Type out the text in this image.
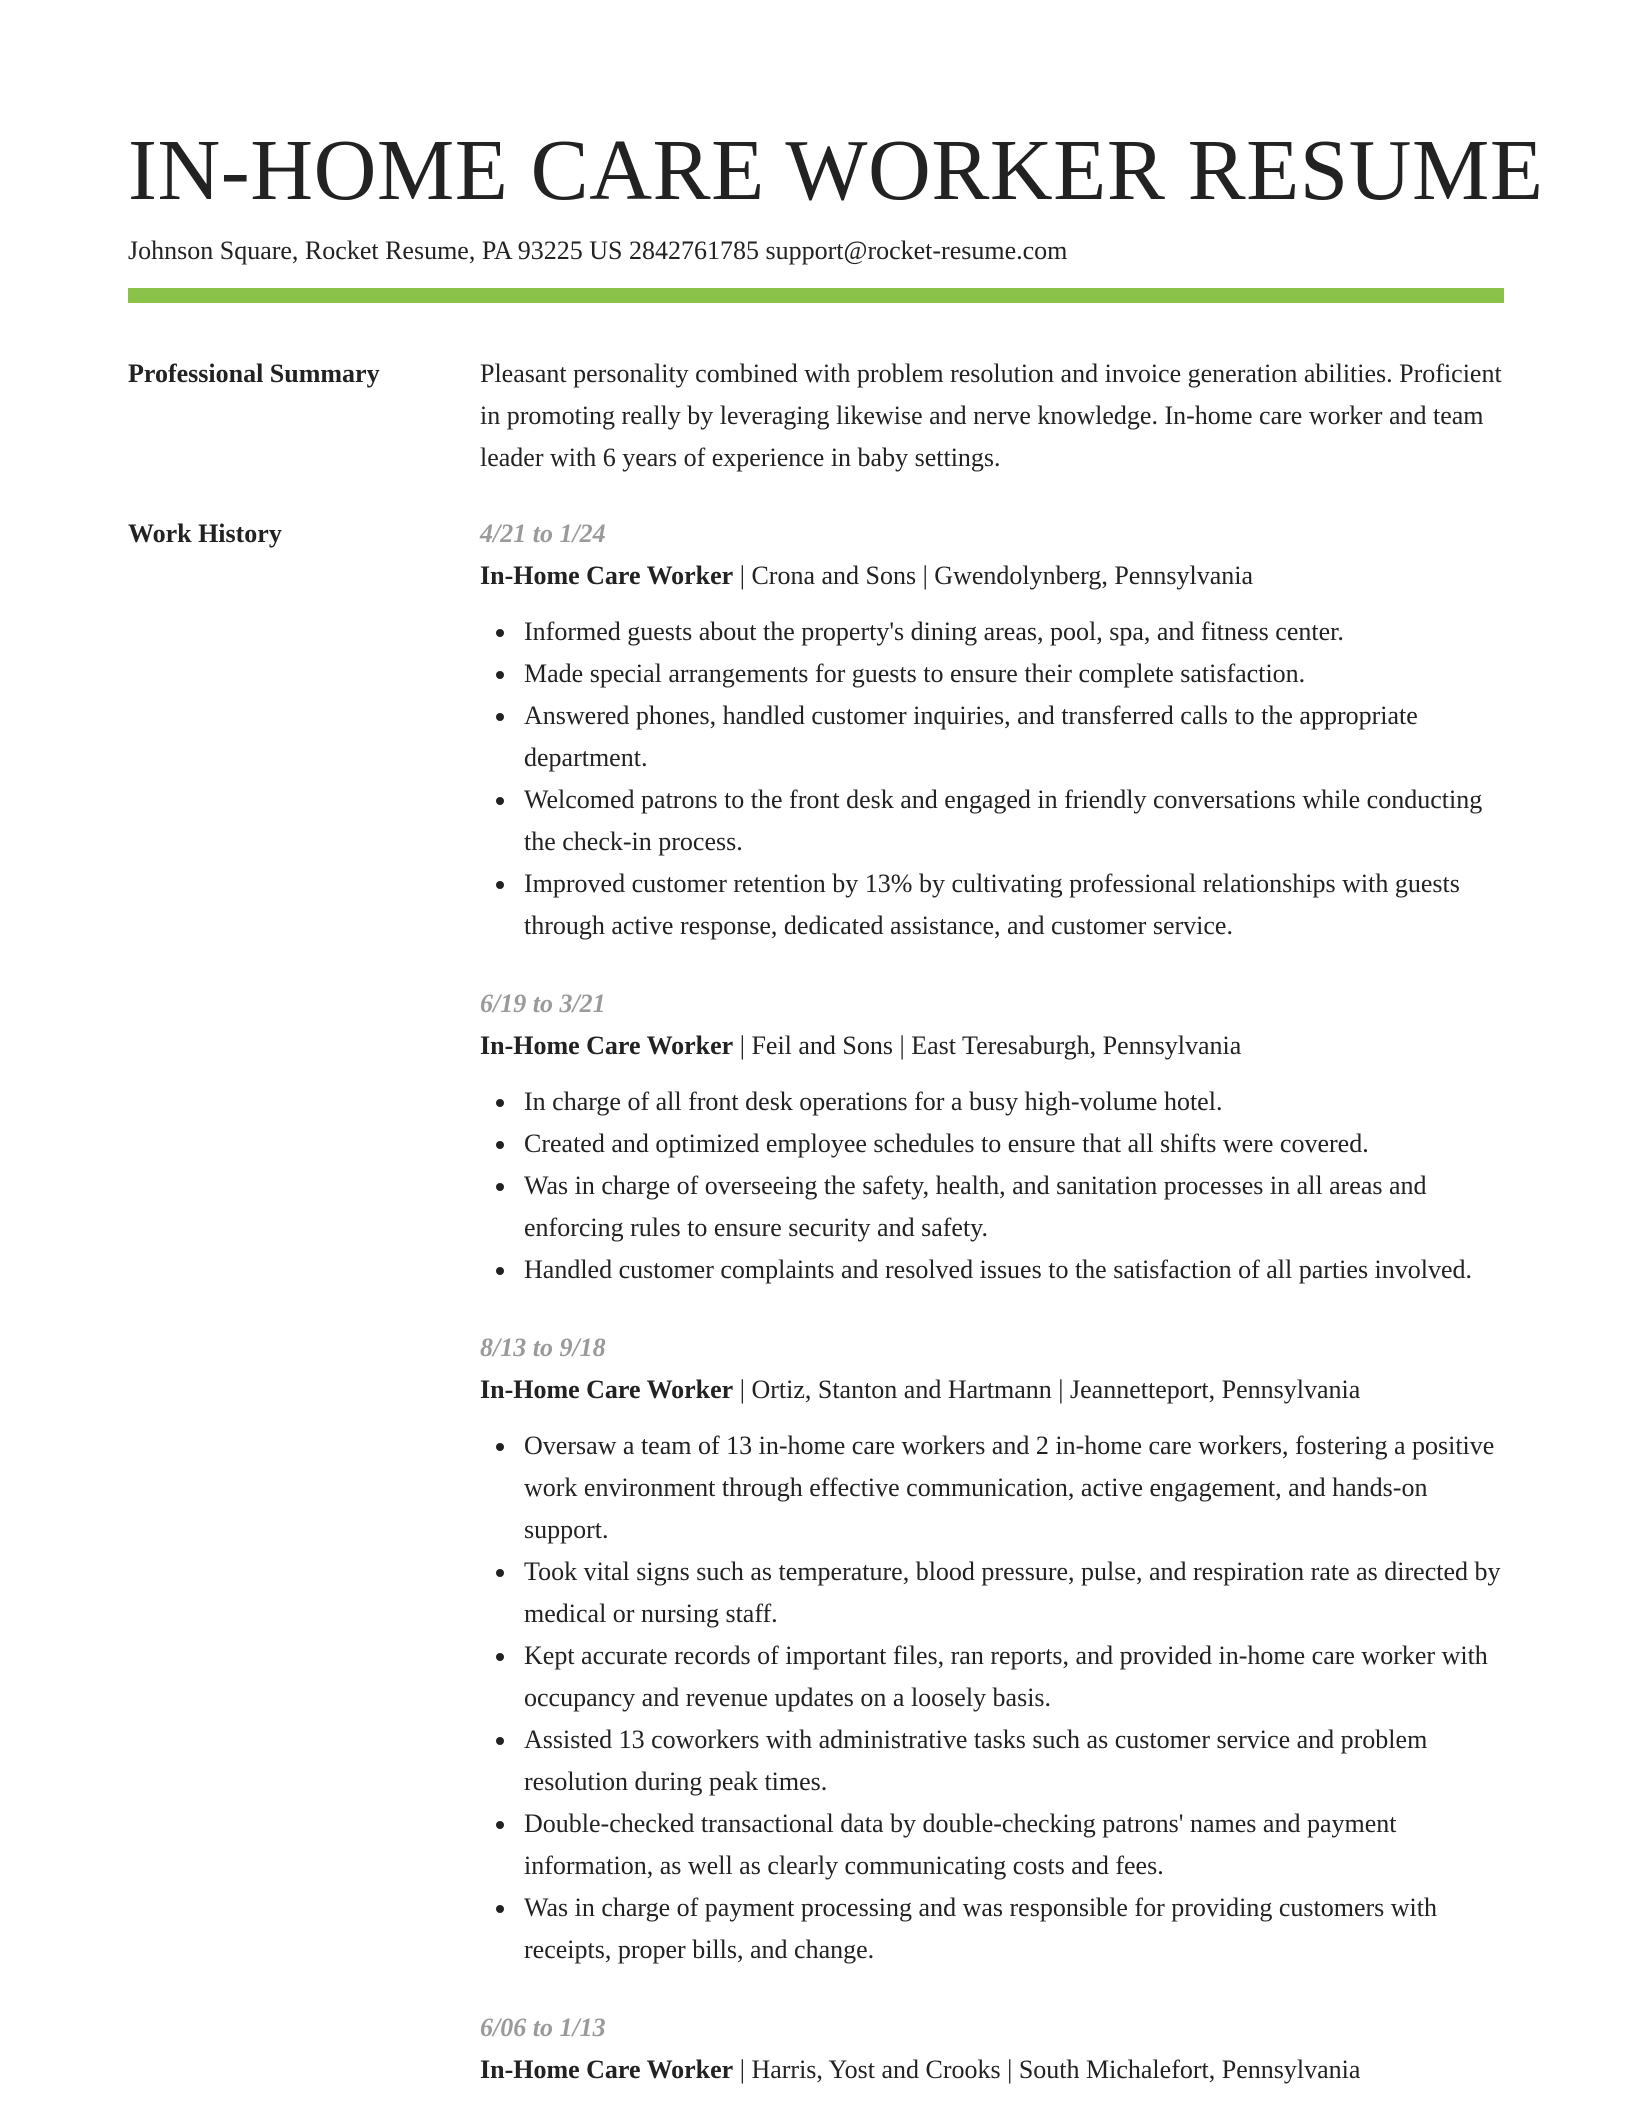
IN-HOME CARE WORKER RESUME
Johnson Square, Rocket Resume, PA 93225 US 2842761785 support@rocket-resume.com
Professional Summary	Pleasant personality combined with problem resolution and invoice generation abilities. Proficient in promoting really by leveraging likewise and nerve knowledge. In-home care worker and team leader with 6 years of experience in baby settings.

Work History	4/21 to 1/24
In-Home Care Worker | Crona and Sons | Gwendolynberg, Pennsylvania
Informed guests about the property's dining areas, pool, spa, and fitness center.
Made special arrangements for guests to ensure their complete satisfaction.
Answered phones, handled customer inquiries, and transferred calls to the appropriate department.
Welcomed patrons to the front desk and engaged in friendly conversations while conducting the check-in process.
Improved customer retention by 13% by cultivating professional relationships with guests through active response, dedicated assistance, and customer service.
6/19 to 3/21
In-Home Care Worker | Feil and Sons | East Teresaburgh, Pennsylvania
In charge of all front desk operations for a busy high-volume hotel.
Created and optimized employee schedules to ensure that all shifts were covered.
Was in charge of overseeing the safety, health, and sanitation processes in all areas and enforcing rules to ensure security and safety.
Handled customer complaints and resolved issues to the satisfaction of all parties involved.
8/13 to 9/18
In-Home Care Worker | Ortiz, Stanton and Hartmann | Jeannetteport, Pennsylvania
Oversaw a team of 13 in-home care workers and 2 in-home care workers, fostering a positive work environment through effective communication, active engagement, and hands-on support.
Took vital signs such as temperature, blood pressure, pulse, and respiration rate as directed by medical or nursing staff.
Kept accurate records of important files, ran reports, and provided in-home care worker with occupancy and revenue updates on a loosely basis.
Assisted 13 coworkers with administrative tasks such as customer service and problem resolution during peak times.
Double-checked transactional data by double-checking patrons' names and payment information, as well as clearly communicating costs and fees.
Was in charge of payment processing and was responsible for providing customers with receipts, proper bills, and change.
6/06 to 1/13
In-Home Care Worker | Harris, Yost and Crooks | South Michalefort, Pennsylvania
